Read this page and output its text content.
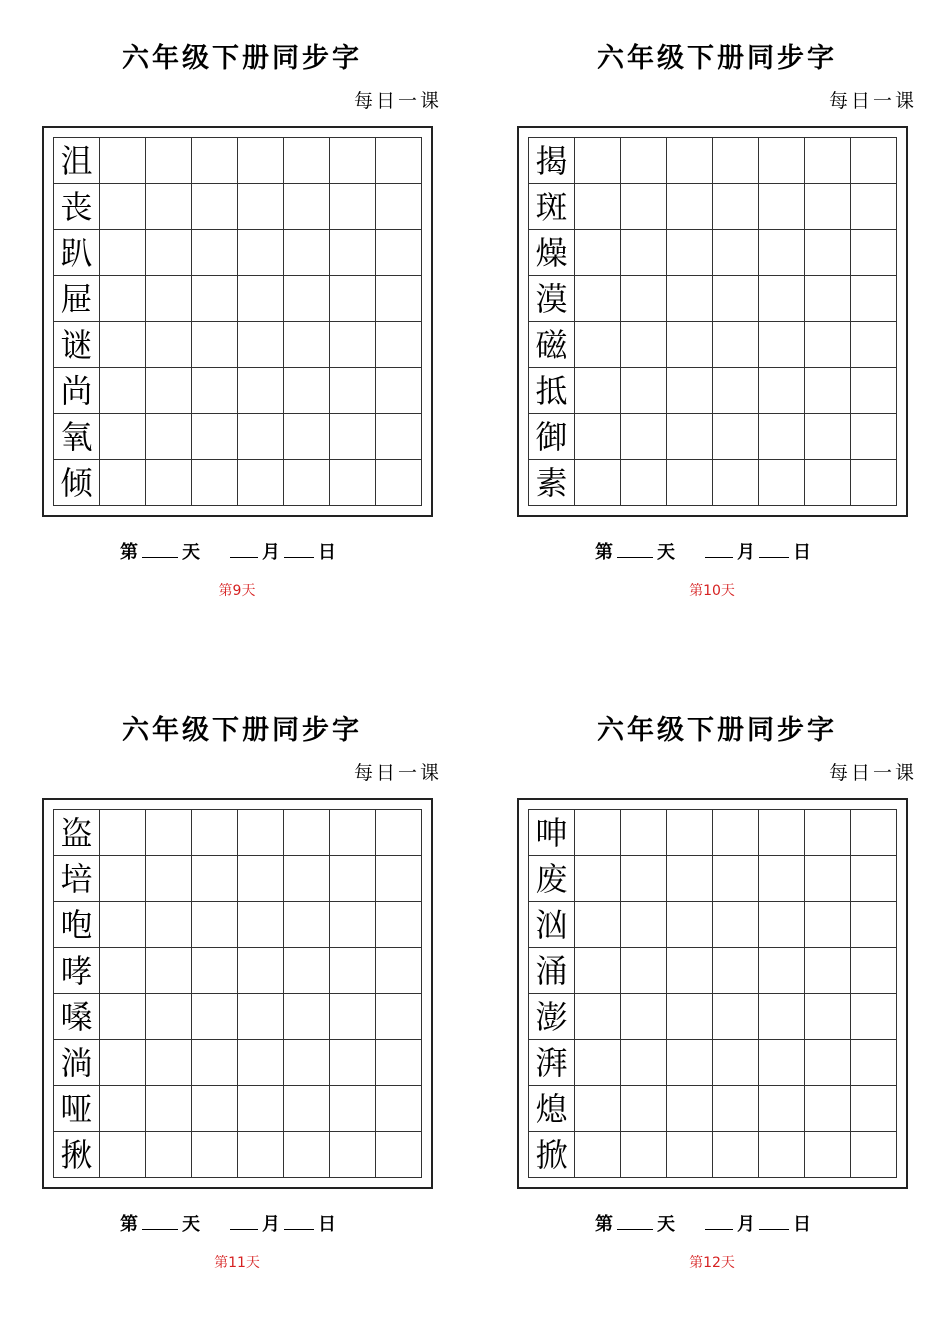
六年级下册同步字
每日一课
沮
丧
趴
屉
谜
尚
氧
倾
第 天	月 日
第9天
六年级下册同步字
每日一课
揭
斑
燥
漠
磁
抵
御
素
第 天	月 日
第10天
六年级下册同步字
每日一课
盗
培
咆
哮
嗓
淌
哑
揪
第 天	月 日
第11天
六年级下册同步字
每日一课
呻
废
汹
涌
澎
湃
熄
掀
第 天	月 日
第12天
